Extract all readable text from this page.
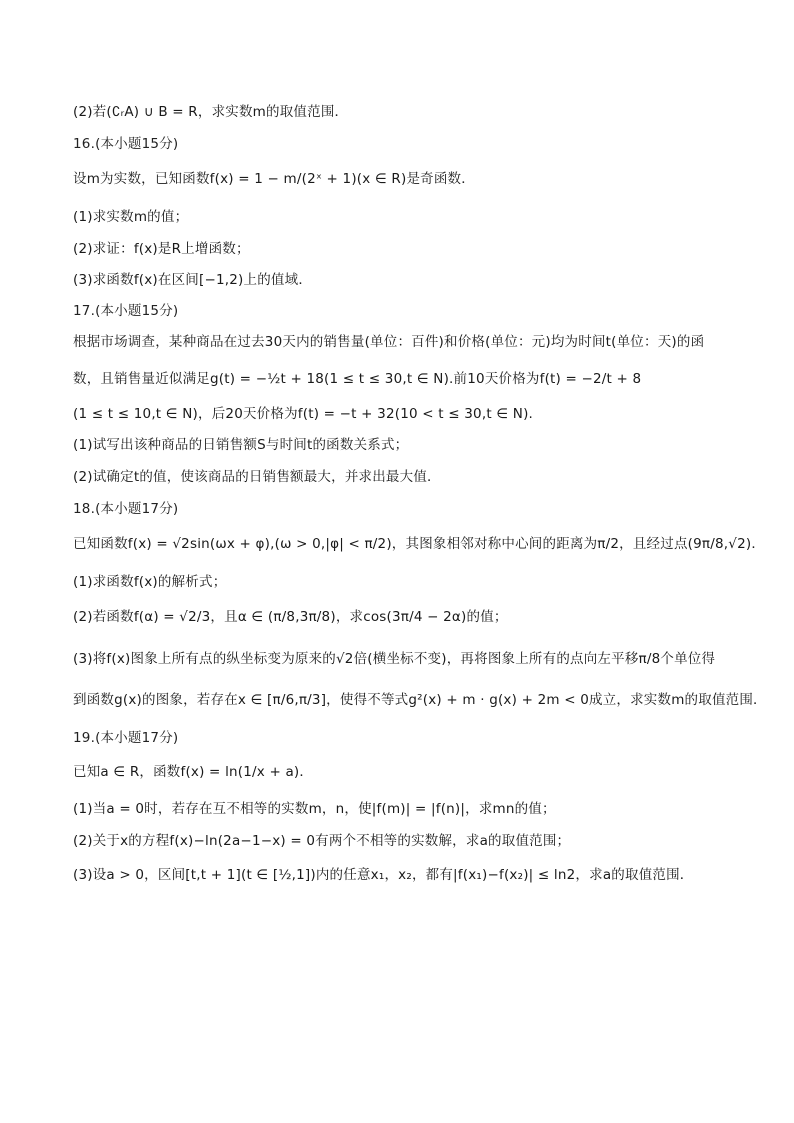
(2)若(∁ᵣA) ∪ B = R，求实数m的取值范围．
16.(本小题15分)
设m为实数，已知函数f(x) = 1 − m/(2ˣ + 1)(x ∈ R)是奇函数．
(1)求实数m的值；
(2)求证：f(x)是R上增函数；
(3)求函数f(x)在区间[−1,2)上的值域．
17.(本小题15分)
根据市场调查，某种商品在过去30天内的销售量(单位：百件)和价格(单位：元)均为时间t(单位：天)的函
数，且销售量近似满足g(t) = −½t + 18(1 ≤ t ≤ 30,t ∈ N).前10天价格为f(t) = −2/t + 8
(1 ≤ t ≤ 10,t ∈ N)，后20天价格为f(t) = −t + 32(10 < t ≤ 30,t ∈ N).
(1)试写出该种商品的日销售额S与时间t的函数关系式；
(2)试确定t的值，使该商品的日销售额最大，并求出最大值．
18.(本小题17分)
已知函数f(x) = √2sin(ωx + φ),(ω > 0,|φ| < π/2)，其图象相邻对称中心间的距离为π/2，且经过点(9π/8,√2)．
(1)求函数f(x)的解析式；
(2)若函数f(α) = √2/3，且α ∈ (π/8,3π/8)，求cos(3π/4 − 2α)的值；
(3)将f(x)图象上所有点的纵坐标变为原来的√2倍(横坐标不变)，再将图象上所有的点向左平移π/8个单位得
到函数g(x)的图象，若存在x ∈ [π/6,π/3]，使得不等式g²(x) + m · g(x) + 2m < 0成立，求实数m的取值范围．
19.(本小题17分)
已知a ∈ R，函数f(x) = ln(1/x + a)．
(1)当a = 0时，若存在互不相等的实数m，n，使|f(m)| = |f(n)|，求mn的值；
(2)关于x的方程f(x)−ln(2a−1−x) = 0有两个不相等的实数解，求a的取值范围；
(3)设a > 0，区间[t,t + 1](t ∈ [½,1])内的任意x₁，x₂，都有|f(x₁)−f(x₂)| ≤ ln2，求a的取值范围．
